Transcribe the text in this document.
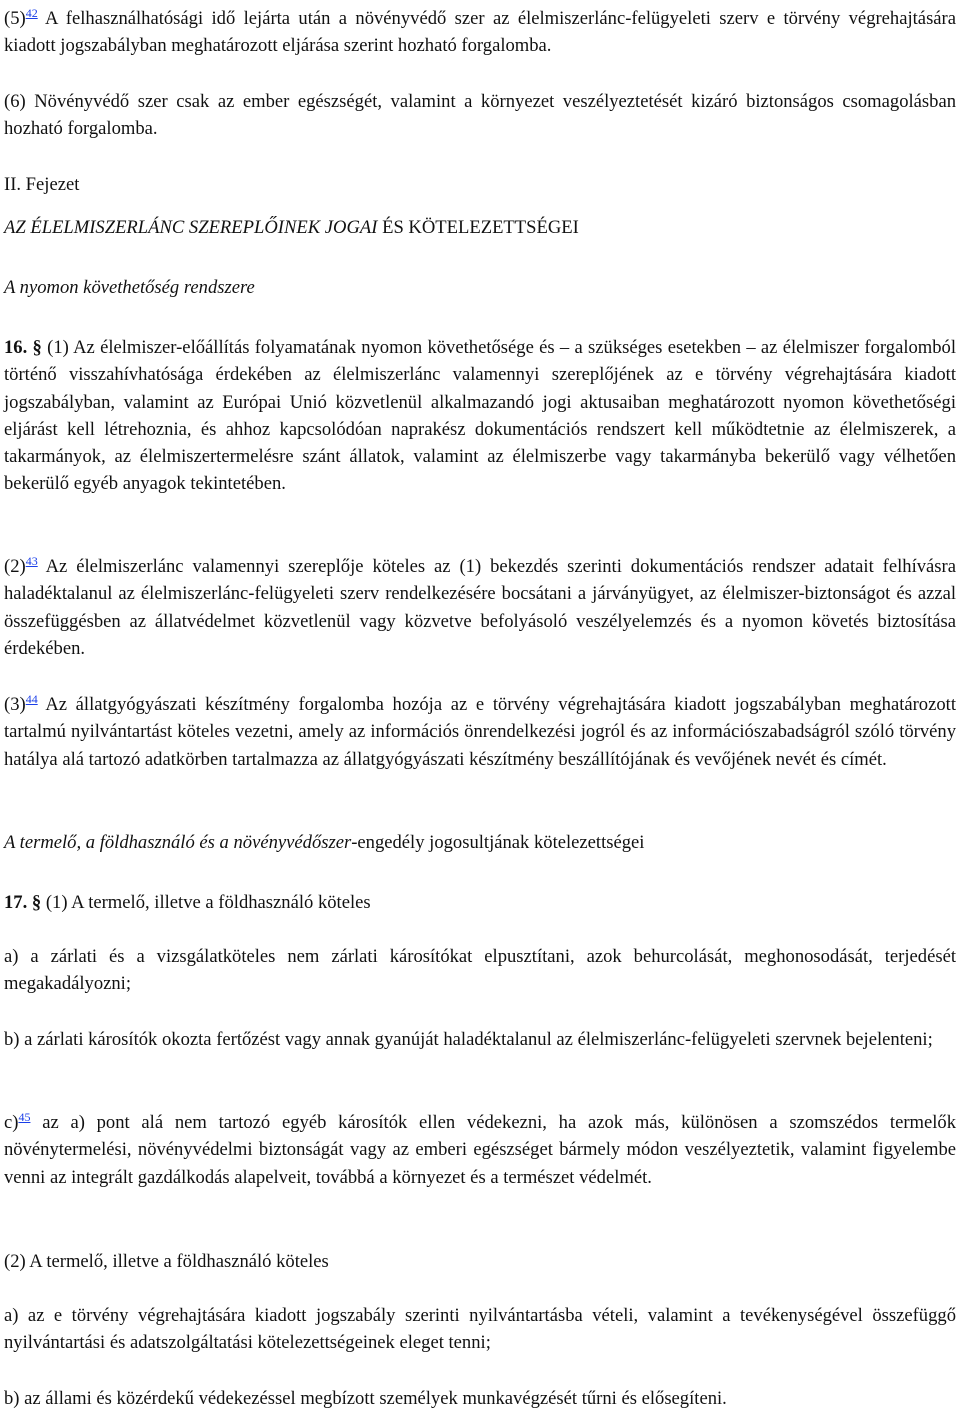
(5)$^{42}$ A felhasználhatósági idő lejárta után a növényvédő szer az élelmiszerlánc-felügyeleti szerv e törvény végrehajtására kiadott jogszabályban meghatározott eljárása szerint hozható forgalomba.

(6) Növényvédő szer csak az ember egészségét, valamint a környezet veszélyeztetését kizáró biztonságos csomagolásban hozható forgalomba.

II. Fejezet

AZ ÉLELMISZERLÁNC SZEREPLŐINEK JOGAI ÉS KÖTELEZETTSÉGEI

A nyomon követhetőség rendszere

16. § (1) Az élelmiszer-előállítás folyamatának nyomon követhetősége és – a szükséges esetekben – az élelmiszer forgalomból történő visszahívhatósága érdekében az élelmiszerlánc valamennyi szereplőjének az e törvény végrehajtására kiadott jogszabályban, valamint az Európai Unió közvetlenül alkalmazandó jogi aktusaiban meghatározott nyomon követhetőségi eljárást kell létrehoznia, és ahhoz kapcsolódóan naprakész dokumentációs rendszert kell működtetnie az élelmiszerek, a takarmányok, az élelmiszertermelésre szánt állatok, valamint az élelmiszerbe vagy takarmányba bekerülő vagy vélhetően bekerülő egyéb anyagok tekintetében.

(2)$^{43}$ Az élelmiszerlánc valamennyi szereplője köteles az (1) bekezdés szerinti dokumentációs rendszer adatait felhívásra haladéktalanul az élelmiszerlánc-felügyeleti szerv rendelkezésére bocsátani a járványügyet, az élelmiszer-biztonságot és azzal összefüggésben az állatvédelmet közvetlenül vagy közvetve befolyásoló veszélyelemzés és a nyomon követés biztosítása érdekében.

(3)$^{44}$ Az állatgyógyászati készítmény forgalomba hozója az e törvény végrehajtására kiadott jogszabályban meghatározott tartalmú nyilvántartást köteles vezetni, amely az információs önrendelkezési jogról és az információszabadságról szóló törvény hatálya alá tartozó adatkörben tartalmazza az állatgyógyászati készítmény beszállítójának és vevőjének nevét és címét.

A termelő, a földhasználó és a növényvédőszer-engedély jogosultjának kötelezettségei

17. § (1) A termelő, illetve a földhasználó köteles

a) a zárlati és a vizsgálatköteles nem zárlati károsítókat elpusztítani, azok behurcolását, meghonosodását, terjedését megakadályozni;

b) a zárlati károsítók okozta fertőzést vagy annak gyanúját haladéktalanul az élelmiszerlánc-felügyeleti szervnek bejelenteni;

c)$^{45}$ az a) pont alá nem tartozó egyéb károsítók ellen védekezni, ha azok más, különösen a szomszédos termelők növénytermelési, növényvédelmi biztonságát vagy az emberi egészséget bármely módon veszélyeztetik, valamint figyelembe venni az integrált gazdálkodás alapelveit, továbbá a környezet és a természet védelmét.

(2) A termelő, illetve a földhasználó köteles

a) az e törvény végrehajtására kiadott jogszabály szerinti nyilvántartásba vételi, valamint a tevékenységével összefüggő nyilvántartási és adatszolgáltatási kötelezettségeinek eleget tenni;

b) az állami és közérdekű védekezéssel megbízott személyek munkavégzését tűrni és elősegíteni.
